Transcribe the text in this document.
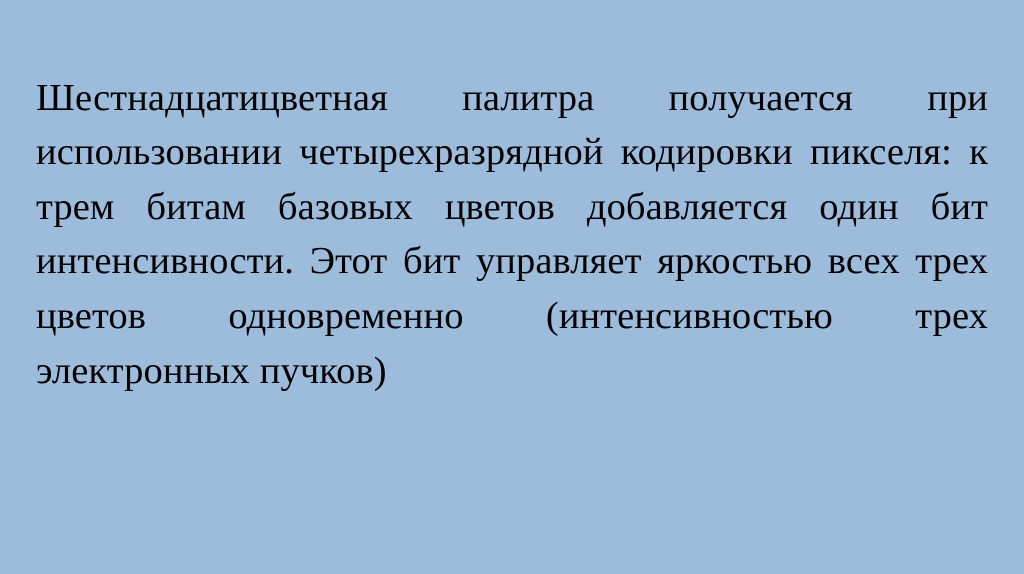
Шестнадцатицветная палитра получается при использовании четырехразрядной кодировки пикселя: к трем битам базовых цветов добавляется один бит интенсивности. Этот бит управляет яркостью всех трех цветов одновременно (интенсивностью трех электронных пучков)
